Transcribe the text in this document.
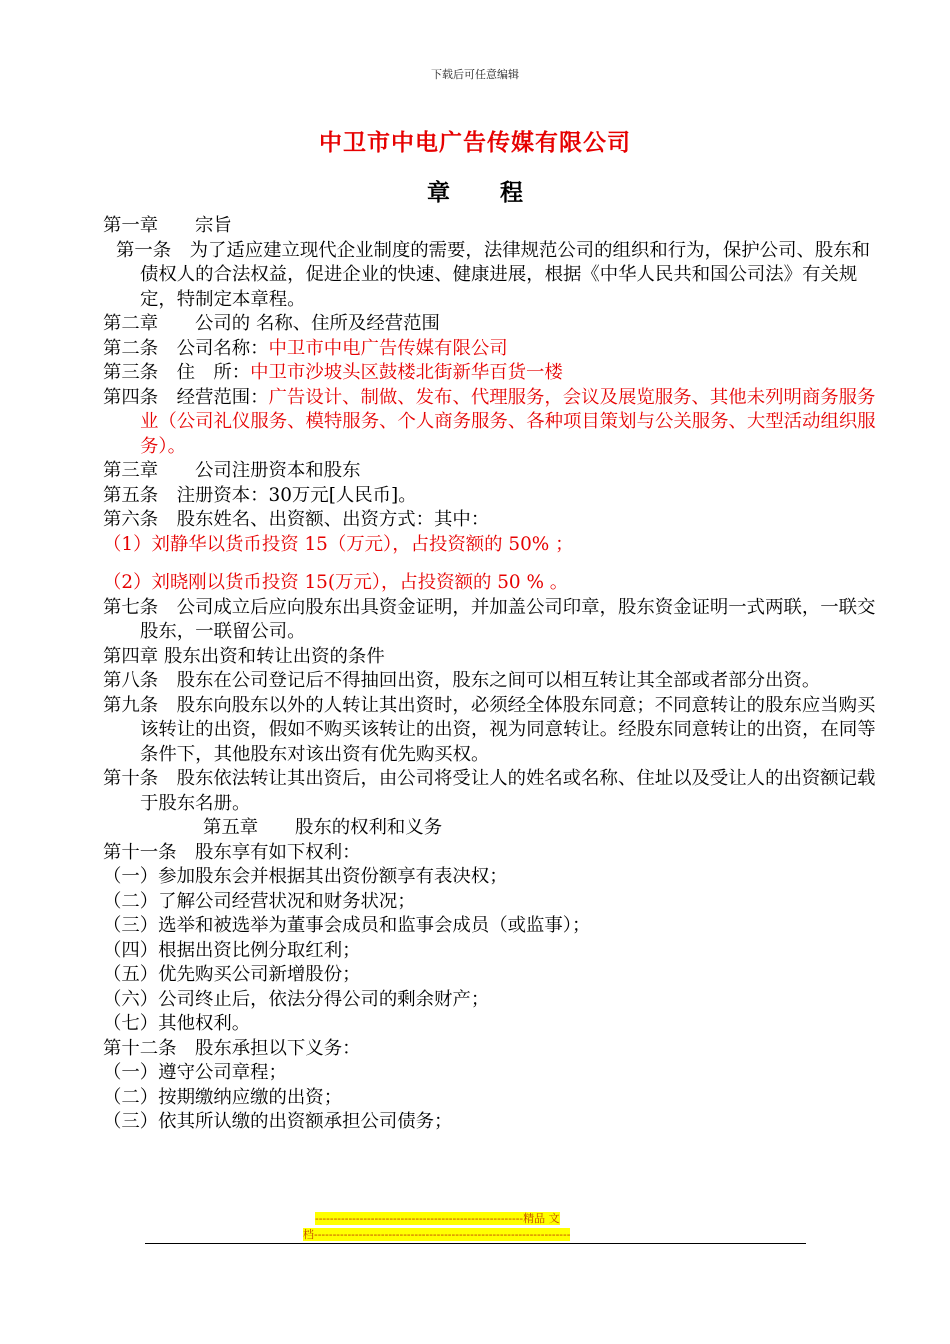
下载后可任意编辑
中卫市中电广告传媒有限公司
章程

第一章　　宗旨

第一条　为了适应建立现代企业制度的需要，法律规范公司的组织和行为，保护公司、股东和债权人的合法权益，促进企业的快速、健康进展，根据《中华人民共和国公司法》有关规定，特制定本章程。

第二章　　公司的 名称、住所及经营范围

第二条　公司名称：中卫市中电广告传媒有限公司

第三条　住　所：中卫市沙坡头区鼓楼北街新华百货一楼

第四条　经营范围：广告设计、制做、发布、代理服务，会议及展览服务、其他未列明商务服务业（公司礼仪服务、模特服务、个人商务服务、各种项目策划与公关服务、大型活动组织服务）。

第三章　　公司注册资本和股东

第五条　注册资本：30万元[人民币]。

第六条　股东姓名、出资额、出资方式：其中：

（1）刘静华以货币投资 15（万元），占投资额的 50% ；

（2）刘晓刚以货币投资 15(万元），占投资额的 50 % 。

第七条　公司成立后应向股东出具资金证明，并加盖公司印章，股东资金证明一式两联，一联交股东，一联留公司。

第四章 股东出资和转让出资的条件

第八条　股东在公司登记后不得抽回出资，股东之间可以相互转让其全部或者部分出资。

第九条　股东向股东以外的人转让其出资时，必须经全体股东同意；不同意转让的股东应当购买该转让的出资，假如不购买该转让的出资，视为同意转让。经股东同意转让的出资，在同等条件下，其他股东对该出资有优先购买权。

第十条　股东依法转让其出资后，由公司将受让人的姓名或名称、住址以及受让人的出资额记载于股东名册。

第五章　　股东的权利和义务

第十一条　股东享有如下权利：

（一）参加股东会并根据其出资份额享有表决权；

（二）了解公司经营状况和财务状况；

（三）选举和被选举为董事会成员和监事会成员（或监事）；

（四）根据出资比例分取红利；

（五）优先购买公司新增股份；

（六）公司终止后，依法分得公司的剩余财产；

（七）其他权利。

第十二条　股东承担以下义务：

（一）遵守公司章程；

（二）按期缴纳应缴的出资；

（三）依其所认缴的出资额承担公司债务；

--------------------------------------------------------精品 文
档---------------------------------------------------------------------
